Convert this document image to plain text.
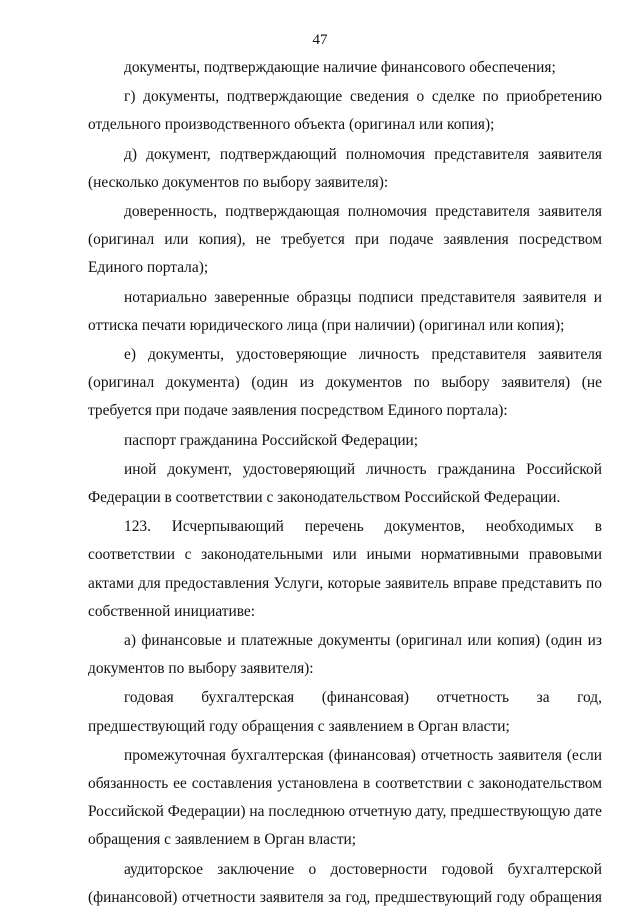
47

документы, подтверждающие наличие финансового обеспечения;

г) документы, подтверждающие сведения о сделке по приобретению отдельного производственного объекта (оригинал или копия);

д) документ, подтверждающий полномочия представителя заявителя (несколько документов по выбору заявителя):

доверенность, подтверждающая полномочия представителя заявителя (оригинал или копия), не требуется при подаче заявления посредством Единого портала);

нотариально заверенные образцы подписи представителя заявителя и оттиска печати юридического лица (при наличии) (оригинал или копия);

е) документы, удостоверяющие личность представителя заявителя (оригинал документа) (один из документов по выбору заявителя) (не требуется при подаче заявления посредством Единого портала):

паспорт гражданина Российской Федерации;

иной документ, удостоверяющий личность гражданина Российской Федерации в соответствии с законодательством Российской Федерации.

123. Исчерпывающий перечень документов, необходимых в соответствии с законодательными или иными нормативными правовыми актами для предоставления Услуги, которые заявитель вправе представить по собственной инициативе:

а) финансовые и платежные документы (оригинал или копия) (один из документов по выбору заявителя):

годовая бухгалтерская (финансовая) отчетность за год, предшествующий году обращения с заявлением в Орган власти;

промежуточная бухгалтерская (финансовая) отчетность заявителя (если обязанность ее составления установлена в соответствии с законодательством Российской Федерации) на последнюю отчетную дату, предшествующую дате обращения с заявлением в Орган власти;

аудиторское заключение о достоверности годовой бухгалтерской (финансовой) отчетности заявителя за год, предшествующий году обращения
